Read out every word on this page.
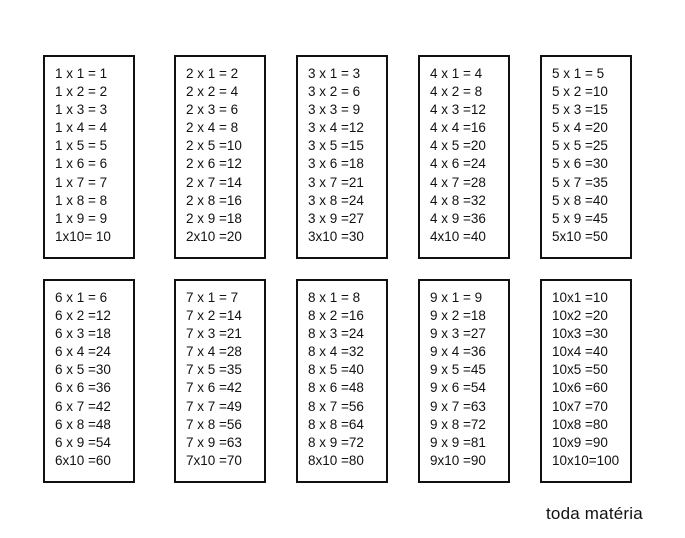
1 x 1 = 1
1 x 2 = 2
1 x 3 = 3
1 x 4 = 4
1 x 5 = 5
1 x 6 = 6
1 x 7 = 7
1 x 8 = 8
1 x 9 = 9
1x10= 10
2 x 1 = 2
2 x 2 = 4
2 x 3 = 6
2 x 4 = 8
2 x 5 =10
2 x 6 =12
2 x 7 =14
2 x 8 =16
2 x 9 =18
2x10 =20
3 x 1 = 3
3 x 2 = 6
3 x 3 = 9
3 x 4 =12
3 x 5 =15
3 x 6 =18
3 x 7 =21
3 x 8 =24
3 x 9 =27
3x10 =30
4 x 1 = 4
4 x 2 = 8
4 x 3 =12
4 x 4 =16
4 x 5 =20
4 x 6 =24
4 x 7 =28
4 x 8 =32
4 x 9 =36
4x10 =40
5 x 1 = 5
5 x 2 =10
5 x 3 =15
5 x 4 =20
5 x 5 =25
5 x 6 =30
5 x 7 =35
5 x 8 =40
5 x 9 =45
5x10 =50
6 x 1 = 6
6 x 2 =12
6 x 3 =18
6 x 4 =24
6 x 5 =30
6 x 6 =36
6 x 7 =42
6 x 8 =48
6 x 9 =54
6x10 =60
7 x 1 = 7
7 x 2 =14
7 x 3 =21
7 x 4 =28
7 x 5 =35
7 x 6 =42
7 x 7 =49
7 x 8 =56
7 x 9 =63
7x10 =70
8 x 1 = 8
8 x 2 =16
8 x 3 =24
8 x 4 =32
8 x 5 =40
8 x 6 =48
8 x 7 =56
8 x 8 =64
8 x 9 =72
8x10 =80
9 x 1 = 9
9 x 2 =18
9 x 3 =27
9 x 4 =36
9 x 5 =45
9 x 6 =54
9 x 7 =63
9 x 8 =72
9 x 9 =81
9x10 =90
10x1 =10
10x2 =20
10x3 =30
10x4 =40
10x5 =50
10x6 =60
10x7 =70
10x8 =80
10x9 =90
10x10=100
toda matéria
